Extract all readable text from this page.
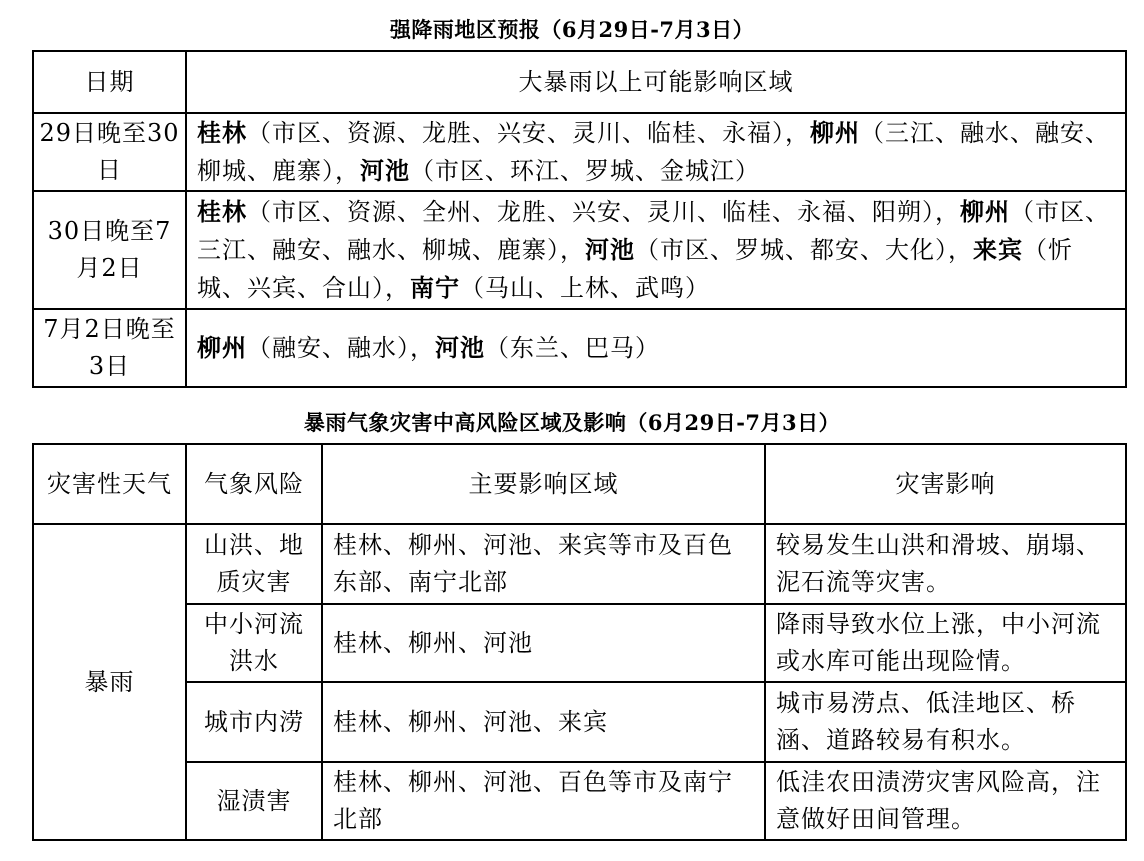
强降雨地区预报（6月29日-7月3日）
日期	大暴雨以上可能影响区域
29日晚至30日	桂林（市区、资源、龙胜、兴安、灵川、临桂、永福），柳州（三江、融水、融安、柳城、鹿寨），河池（市区、环江、罗城、金城江）
30日晚至7月2日	桂林（市区、资源、全州、龙胜、兴安、灵川、临桂、永福、阳朔），柳州（市区、三江、融安、融水、柳城、鹿寨），河池（市区、罗城、都安、大化），来宾（忻城、兴宾、合山），南宁（马山、上林、武鸣）
7月2日晚至3日	柳州（融安、融水），河池（东兰、巴马）
暴雨气象灾害中高风险区域及影响（6月29日-7月3日）
灾害性天气	气象风险	主要影响区域	灾害影响
暴雨	山洪、地质灾害	桂林、柳州、河池、来宾等市及百色东部、南宁北部	较易发生山洪和滑坡、崩塌、泥石流等灾害。
	中小河流洪水	桂林、柳州、河池	降雨导致水位上涨，中小河流或水库可能出现险情。
	城市内涝	桂林、柳州、河池、来宾	城市易涝点、低洼地区、桥涵、道路较易有积水。
	湿渍害	桂林、柳州、河池、百色等市及南宁北部	低洼农田渍涝灾害风险高，注意做好田间管理。
